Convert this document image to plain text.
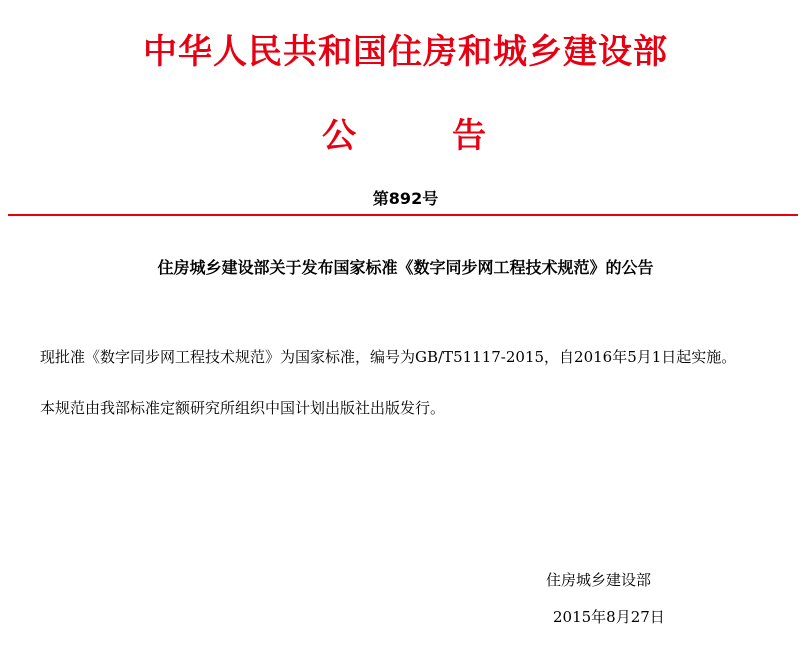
中华人民共和国住房和城乡建设部
公	告
第892号
住房城乡建设部关于发布国家标准《数字同步网工程技术规范》的公告
现批准《数字同步网工程技术规范》为国家标准，编号为GB/T51117-2015，自2016年5月1日起实施。
本规范由我部标准定额研究所组织中国计划出版社出版发行。
住房城乡建设部
2015年8月27日
